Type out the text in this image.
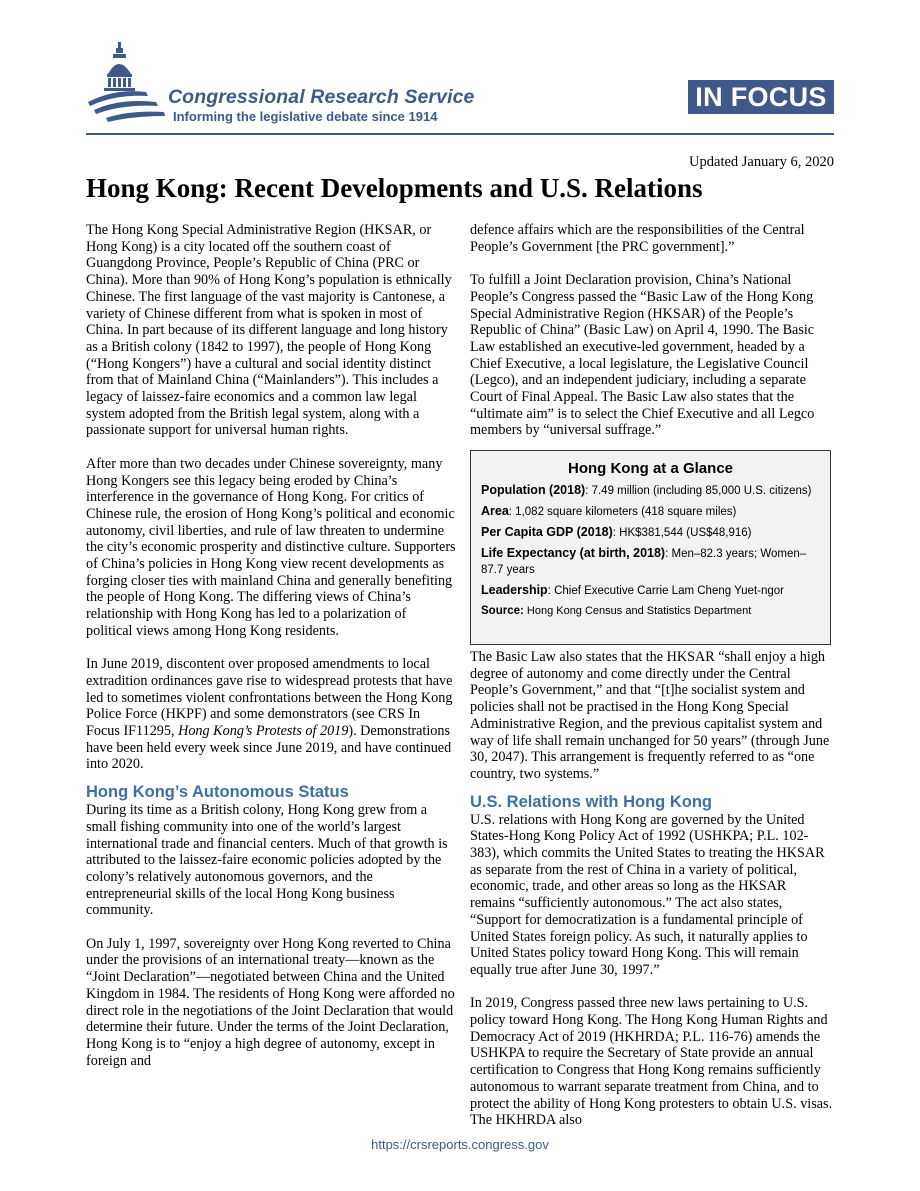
Congressional Research Service
Informing the legislative debate since 1914
IN FOCUS
Updated January 6, 2020
Hong Kong: Recent Developments and U.S. Relations

The Hong Kong Special Administrative Region (HKSAR, or Hong Kong) is a city located off the southern coast of Guangdong Province, People’s Republic of China (PRC or China). More than 90% of Hong Kong’s population is ethnically Chinese. The first language of the vast majority is Cantonese, a variety of Chinese different from what is spoken in most of China. In part because of its different language and long history as a British colony (1842 to 1997), the people of Hong Kong (“Hong Kongers”) have a cultural and social identity distinct from that of Mainland China (“Mainlanders”). This includes a legacy of laissez-faire economics and a common law legal system adopted from the British legal system, along with a passionate support for universal human rights.

After more than two decades under Chinese sovereignty, many Hong Kongers see this legacy being eroded by China’s interference in the governance of Hong Kong. For critics of Chinese rule, the erosion of Hong Kong’s political and economic autonomy, civil liberties, and rule of law threaten to undermine the city’s economic prosperity and distinctive culture. Supporters of China’s policies in Hong Kong view recent developments as forging closer ties with mainland China and generally benefiting the people of Hong Kong. The differing views of China’s relationship with Hong Kong has led to a polarization of political views among Hong Kong residents.

In June 2019, discontent over proposed amendments to local extradition ordinances gave rise to widespread protests that have led to sometimes violent confrontations between the Hong Kong Police Force (HKPF) and some demonstrators (see CRS In Focus IF11295, Hong Kong’s Protests of 2019). Demonstrations have been held every week since June 2019, and have continued into 2020.

Hong Kong’s Autonomous Status

During its time as a British colony, Hong Kong grew from a small fishing community into one of the world’s largest international trade and financial centers. Much of that growth is attributed to the laissez-faire economic policies adopted by the colony’s relatively autonomous governors, and the entrepreneurial skills of the local Hong Kong business community.

On July 1, 1997, sovereignty over Hong Kong reverted to China under the provisions of an international treaty—known as the “Joint Declaration”—negotiated between China and the United Kingdom in 1984. The residents of Hong Kong were afforded no direct role in the negotiations of the Joint Declaration that would determine their future. Under the terms of the Joint Declaration, Hong Kong is to “enjoy a high degree of autonomy, except in foreign and

defence affairs which are the responsibilities of the Central People’s Government [the PRC government].”

To fulfill a Joint Declaration provision, China’s National People’s Congress passed the “Basic Law of the Hong Kong Special Administrative Region (HKSAR) of the People’s Republic of China” (Basic Law) on April 4, 1990. The Basic Law established an executive-led government, headed by a Chief Executive, a local legislature, the Legislative Council (Legco), and an independent judiciary, including a separate Court of Final Appeal. The Basic Law also states that the “ultimate aim” is to select the Chief Executive and all Legco members by “universal suffrage.”

Hong Kong at a Glance
Population (2018): 7.49 million (including 85,000 U.S. citizens)
Area: 1,082 square kilometers (418 square miles)
Per Capita GDP (2018): HK$381,544 (US$48,916)
Life Expectancy (at birth, 2018): Men–82.3 years; Women–87.7 years
Leadership: Chief Executive Carrie Lam Cheng Yuet-ngor
Source: Hong Kong Census and Statistics Department

The Basic Law also states that the HKSAR “shall enjoy a high degree of autonomy and come directly under the Central People’s Government,” and that “[t]he socialist system and policies shall not be practised in the Hong Kong Special Administrative Region, and the previous capitalist system and way of life shall remain unchanged for 50 years” (through June 30, 2047). This arrangement is frequently referred to as “one country, two systems.”

U.S. Relations with Hong Kong

U.S. relations with Hong Kong are governed by the United States-Hong Kong Policy Act of 1992 (USHKPA; P.L. 102-383), which commits the United States to treating the HKSAR as separate from the rest of China in a variety of political, economic, trade, and other areas so long as the HKSAR remains “sufficiently autonomous.” The act also states, “Support for democratization is a fundamental principle of United States foreign policy. As such, it naturally applies to United States policy toward Hong Kong. This will remain equally true after June 30, 1997.”

In 2019, Congress passed three new laws pertaining to U.S. policy toward Hong Kong. The Hong Kong Human Rights and Democracy Act of 2019 (HKHRDA; P.L. 116-76) amends the USHKPA to require the Secretary of State provide an annual certification to Congress that Hong Kong remains sufficiently autonomous to warrant separate treatment from China, and to protect the ability of Hong Kong protesters to obtain U.S. visas. The HKHRDA also

https://crsreports.congress.gov
